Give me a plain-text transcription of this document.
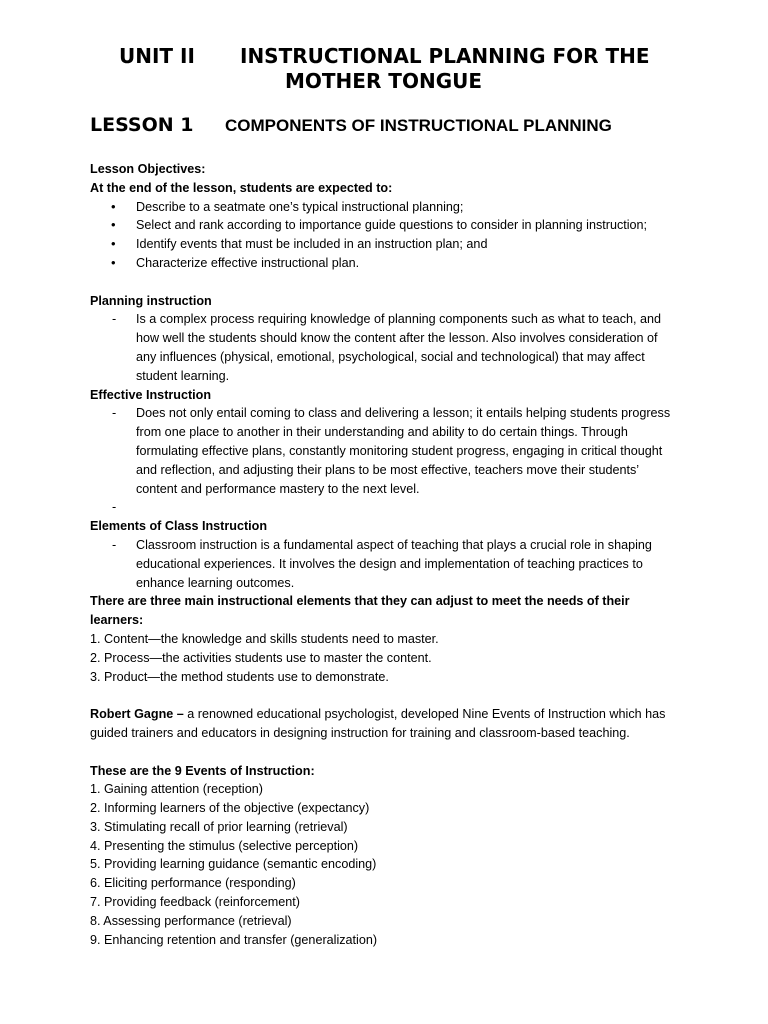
UNIT II	INSTRUCTIONAL PLANNING FOR THE
MOTHER TONGUE
LESSON 1	COMPONENTS OF INSTRUCTIONAL PLANNING

Lesson Objectives:

At the end of the lesson, students are expected to:

• Describe to a seatmate one’s typical instructional planning;
• Select and rank according to importance guide questions to consider in planning instruction;
• Identify events that must be included in an instruction plan; and
• Characterize effective instructional plan.

Planning instruction

- Is a complex process requiring knowledge of planning components such as what to teach, and how well the students should know the content after the lesson. Also involves consideration of any influences (physical, emotional, psychological, social and technological) that may affect student learning.

Effective Instruction

- Does not only entail coming to class and delivering a lesson; it entails helping students progress from one place to another in their understanding and ability to do certain things. Through formulating effective plans, constantly monitoring student progress, engaging in critical thought and reflection, and adjusting their plans to be most effective, teachers move their students’ content and performance mastery to the next level.
-

Elements of Class Instruction

- Classroom instruction is a fundamental aspect of teaching that plays a crucial role in shaping educational experiences. It involves the design and implementation of teaching practices to enhance learning outcomes.

There are three main instructional elements that they can adjust to meet the needs of their learners:

1. Content—the knowledge and skills students need to master.

2. Process—the activities students use to master the content.

3. Product—the method students use to demonstrate.

Robert Gagne – a renowned educational psychologist, developed Nine Events of Instruction which has guided trainers and educators in designing instruction for training and classroom-based teaching.

These are the 9 Events of Instruction:

1. Gaining attention (reception)
2. Informing learners of the objective (expectancy)
3. Stimulating recall of prior learning (retrieval)
4. Presenting the stimulus (selective perception)
5. Providing learning guidance (semantic encoding)
6. Eliciting performance (responding)
7. Providing feedback (reinforcement)
8. Assessing performance (retrieval)
9. Enhancing retention and transfer (generalization)
